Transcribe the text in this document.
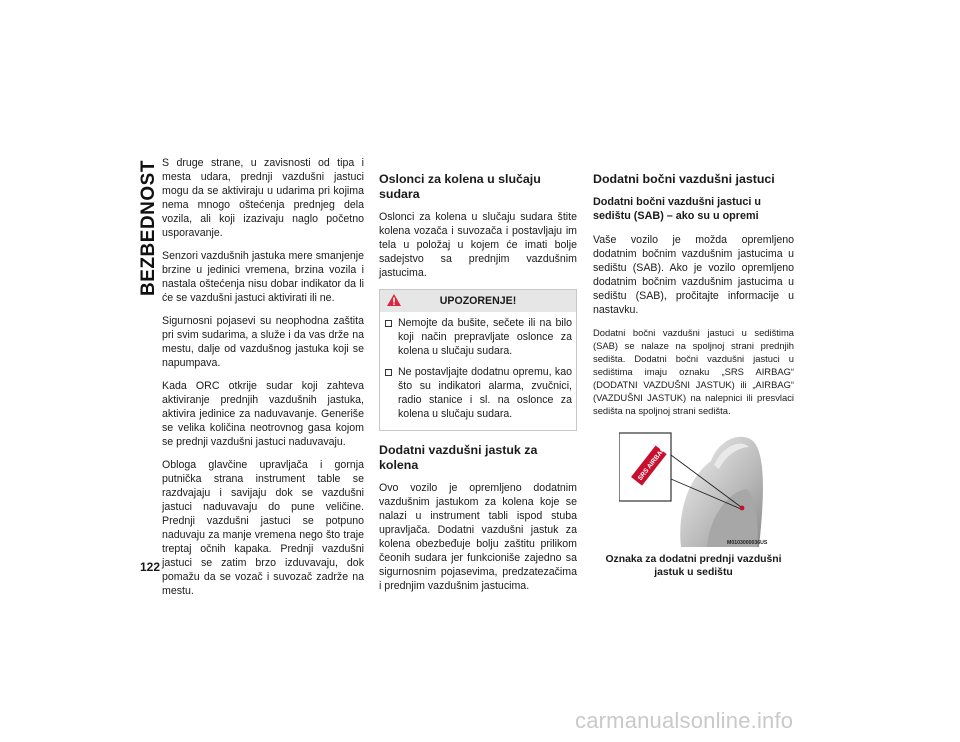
BEZBEDNOST S druge strane, u zavisnosti od tipa i mesta udara, prednji vazdušni jastuci mogu da se aktiviraju u udarima pri kojima nema mnogo oštećenja prednjeg dela vozila, ali koji izazivaju naglo početno usporavanje.

Senzori vazdušnih jastuka mere smanjenje brzine u jedinici vremena, brzina vozila i nastala oštećenja nisu dobar indikator da li će se vazdušni jastuci aktivirati ili ne.

Sigurnosni pojasevi su neophodna zaštita pri svim sudarima, a služe i da vas drže na mestu, dalje od vazdušnog jastuka koji se napumpava.

Kada ORC otkrije sudar koji zahteva aktiviranje prednjih vazdušnih jastuka, aktivira jedinice za naduvavanje. Generiše se velika količina neotrovnog gasa kojom se prednji vazdušni jastuci naduvavaju.

Obloga glavčine upravljača i gornja putnička strana instrument table se razdvajaju i savijaju dok se vazdušni jastuci naduvavaju do pune veličine. Prednji vazdušni jastuci se potpuno naduvaju za manje vremena nego što traje treptaj očnih kapaka. Prednji vazdušni jastuci se zatim brzo izduvavaju, dok pomažu da se vozač i suvozač zadrže na mestu.

Oslonci za kolena u slučaju sudara

Oslonci za kolena u slučaju sudara štite kolena vozača i suvozača i postavljaju im tela u položaj u kojem će imati bolje sadejstvo sa prednjim vazdušnim jastucima.

UPOZORENJE!
Nemojte da bušite, sečete ili na bilo koji način prepravljate oslonce za kolena u slučaju sudara.
Ne postavljajte dodatnu opremu, kao što su indikatori alarma, zvučnici, radio stanice i sl. na oslonce za kolena u slučaju sudara.
Dodatni vazdušni jastuk za kolena

Ovo vozilo je opremljeno dodatnim vazdušnim jastukom za kolena koje se nalazi u instrument tabli ispod stuba upravljača. Dodatni vazdušni jastuk za kolena obezbeđuje bolju zaštitu prilikom čeonih sudara jer funkcioniše zajedno sa sigurnosnim pojasevima, predzatezačima i prednjim vazdušnim jastucima.

Dodatni bočni vazdušni jastuci
Dodatni bočni vazdušni jastuci u sedištu (SAB) – ako su u opremi

Vaše vozilo je možda opremljeno dodatnim bočnim vazdušnim jastucima u sedištu (SAB). Ako je vozilo opremljeno dodatnim bočnim vazdušnim jastucima u sedištu (SAB), pročitajte informacije u nastavku.

Dodatni bočni vazdušni jastuci u sedištima (SAB) se nalaze na spoljnoj strani prednjih sedišta. Dodatni bočni vazdušni jastuci u sedištima imaju oznaku „SRS AIRBAG“ (DODATNI VAZDUŠNI JASTUK) ili „AIRBAG“ (VAZDUŠNI JASTUK) na nalepnici ili presvlaci sedišta na spoljnoj strani sedišta.

SRS AIRBAG
M0103000036US
Oznaka za dodatni prednji vazdušni jastuk u sedištu
122
carmanualsonline.info
